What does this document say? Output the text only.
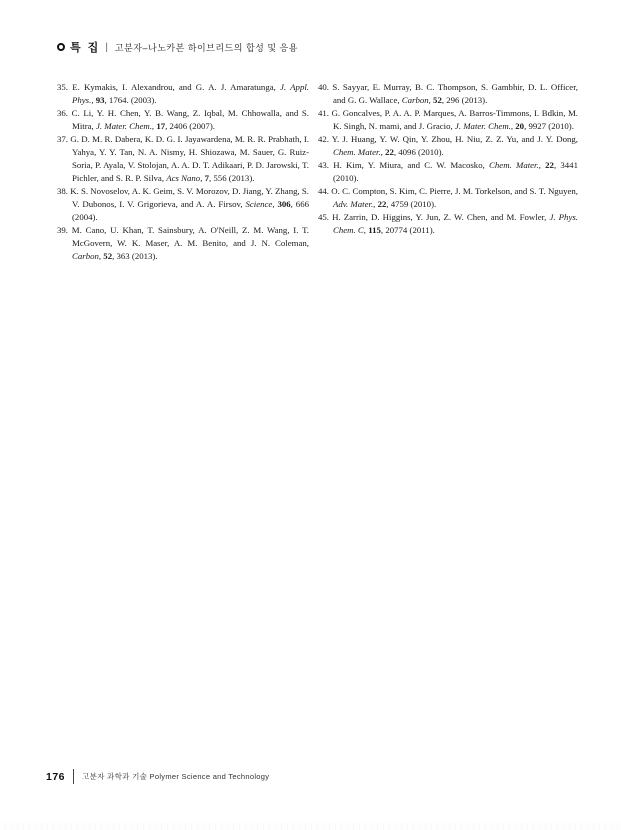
특 집 | 고분자–나노카본 하이브리드의 합성 및 응용

35. E. Kymakis, I. Alexandrou, and G. A. J. Amaratunga, J. Appl. Phys., 93, 1764. (2003).

36. C. Li, Y. H. Chen, Y. B. Wang, Z. Iqbal, M. Chhowalla, and S. Mitra, J. Mater. Chem., 17, 2406 (2007).

37. G. D. M. R. Dabera, K. D. G. I. Jayawardena, M. R. R. Prabhath, I. Yahya, Y. Y. Tan, N. A. Nismy, H. Shiozawa, M. Sauer, G. Ruiz-Soria, P. Ayala, V. Stolojan, A. A. D. T. Adikaari, P. D. Jarowski, T. Pichler, and S. R. P. Silva, Acs Nano, 7, 556 (2013).

38. K. S. Novoselov, A. K. Geim, S. V. Morozov, D. Jiang, Y. Zhang, S. V. Dubonos, I. V. Grigorieva, and A. A. Firsov, Science, 306, 666 (2004).

39. M. Cano, U. Khan, T. Sainsbury, A. O'Neill, Z. M. Wang, I. T. McGovern, W. K. Maser, A. M. Benito, and J. N. Coleman, Carbon, 52, 363 (2013).

40. S. Sayyar, E. Murray, B. C. Thompson, S. Gambhir, D. L. Officer, and G. G. Wallace, Carbon, 52, 296 (2013).

41. G. Goncalves, P. A. A. P. Marques, A. Barros-Timmons, I. Bdkin, M. K. Singh, N. mami, and J. Gracio, J. Mater. Chem., 20, 9927 (2010).

42. Y. J. Huang, Y. W. Qin, Y. Zhou, H. Niu, Z. Z. Yu, and J. Y. Dong, Chem. Mater., 22, 4096 (2010).

43. H. Kim, Y. Miura, and C. W. Macosko, Chem. Mater., 22, 3441 (2010).

44. O. C. Compton, S. Kim, C. Pierre, J. M. Torkelson, and S. T. Nguyen, Adv. Mater., 22, 4759 (2010).

45. H. Zarrin, D. Higgins, Y. Jun, Z. W. Chen, and M. Fowler, J. Phys. Chem. C, 115, 20774 (2011).

176 고분자 과학과 기술 Polymer Science and Technology
